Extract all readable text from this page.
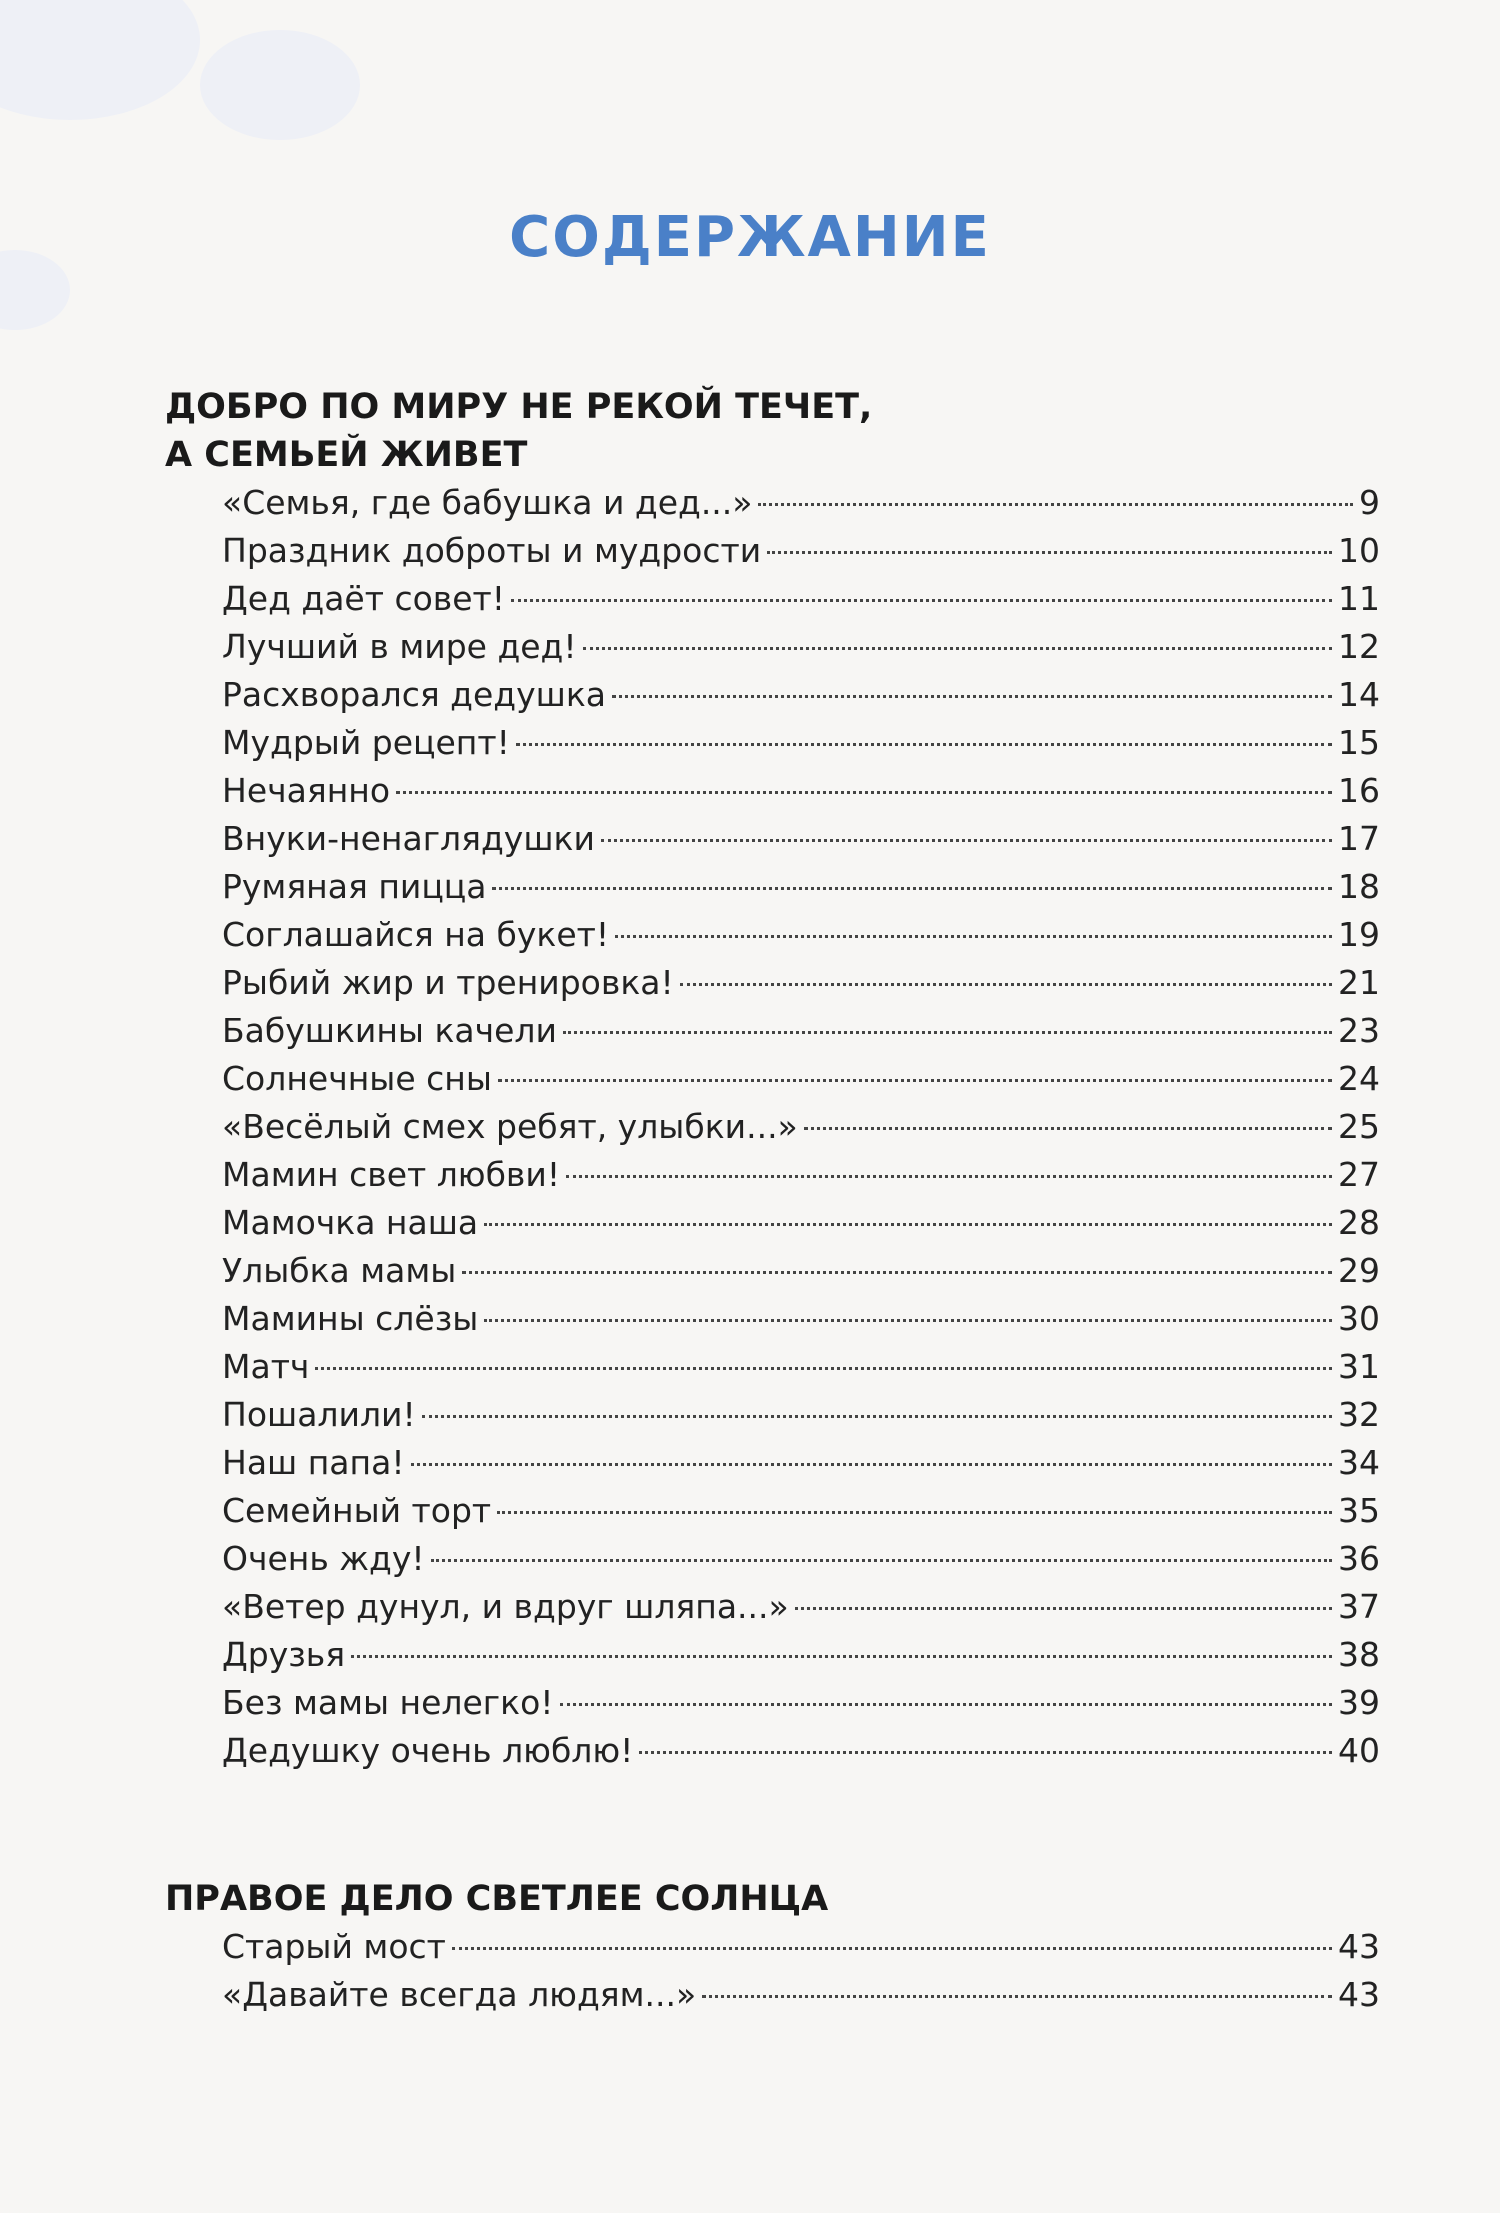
СОДЕРЖАНИЕ
ДОБРО ПО МИРУ НЕ РЕКОЙ ТЕЧЕТ,
А СЕМЬЕЙ ЖИВЕТ
«Семья, где бабушка и дед...»	9
Праздник доброты и мудрости	10
Дед даёт совет!	11
Лучший в мире дед!	12
Расхворался дедушка	14
Мудрый рецепт!	15
Нечаянно	16
Внуки-ненаглядушки	17
Румяная пицца	18
Соглашайся на букет!	19
Рыбий жир и тренировка!	21
Бабушкины качели	23
Солнечные сны	24
«Весёлый смех ребят, улыбки...»	25
Мамин свет любви!	27
Мамочка наша	28
Улыбка мамы	29
Мамины слёзы	30
Матч	31
Пошалили!	32
Наш папа!	34
Семейный торт	35
Очень жду!	36
«Ветер дунул, и вдруг шляпа...»	37
Друзья	38
Без мамы нелегко!	39
Дедушку очень люблю!	40
ПРАВОЕ ДЕЛО СВЕТЛЕЕ СОЛНЦА
Старый мост	43
«Давайте всегда людям...»	43
